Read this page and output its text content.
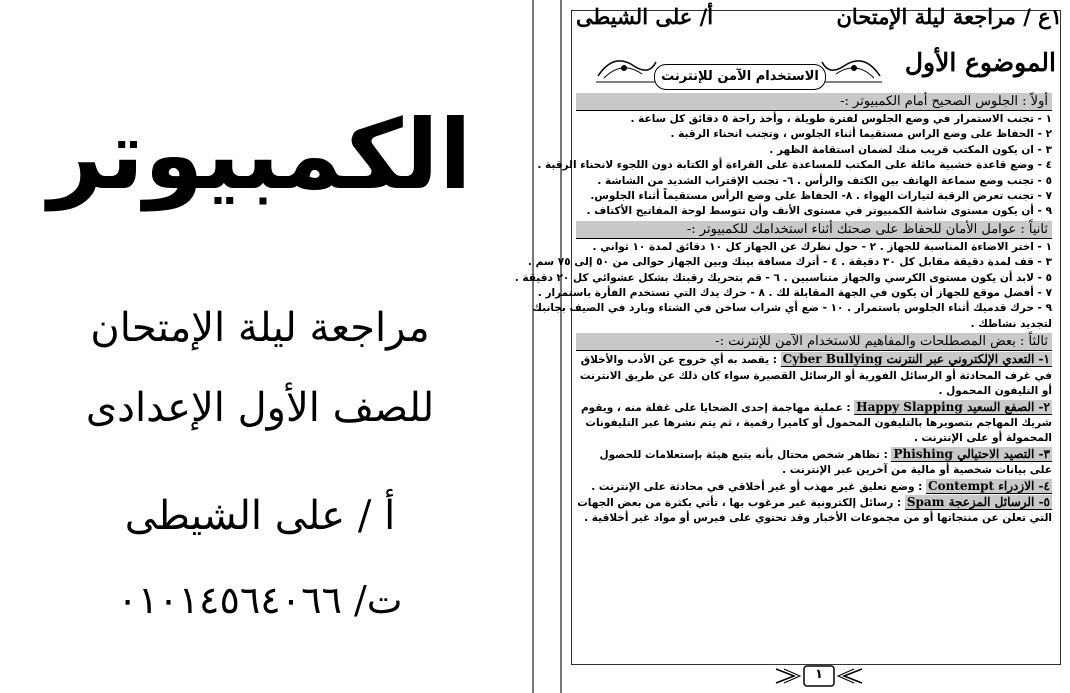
الكمبيوتر
مراجعة ليلة الإمتحان
للصف الأول الإعدادى
أ / على الشيطى
ت/ ٠١٠١٤٥٦٤٠٦٦
أ/ على الشيطى	١ع / مراجعة ليلة الإمتحان
الاستخدام الآمن للإنترنت	الموضوع الأول
أولاً : الجلوس الصحيح أمام الكمبيوتر :-
١ - تجنب الاستمرار في وضع الجلوس لفترة طويلة ، وأخذ راحة ٥ دقائق كل ساعة .
٢ - الحفاظ على وضع الراس مستقيما أثناء الجلوس ، وتجنب انحناء الرقبة .
٣ - ان يكون المكتب قريب منك لضمان استقامة الظهر .
٤ - وضع قاعدة خشبية مائلة على المكتب للمساعدة على القراءة أو الكتابة دون اللجوء لانحناء الرقبة .
٥ - تجنب وضع سماعة الهاتف بين الكتف والرأس . ٦- تجنب الإقتراب الشديد من الشاشة .
٧ - تجنب تعرض الرقبة لتيارات الهواء . ٨- الحفاظ على وضع الرأس مستقيماً أثناء الجلوس.
٩ - أن يكون مستوى شاشة الكمبيوتر في مستوى الأنف وأن تتوسط لوحة المفاتيح الأكتاف .
ثانياً : عوامل الأمان للحفاظ على صحتك أثناء استخدامك للكمبيوتر :-
١ - اختر الاضاءة المناسبة للجهاز . ٢ - حول نظرك عن الجهاز كل ١٠ دقائق لمدة ١٠ ثواني .
٣ - قف لمدة دقيقة مقابل كل ٣٠ دقيقة . ٤ - أترك مسافة بينك وبين الجهاز حوالى من ٥٠ إلى ٧٥ سم .
٥ - لابد أن يكون مستوى الكرسي والجهاز متناسبين . ٦ - قم بتحريك رقبتك بشكل عشوائي كل ٢٠ دقيقة .
٧ - أفضل موقع للجهاز أن يكون في الجهة المقابلة لك . ٨ - حرك يدك التي تستخدم الفأرة باستمرار .
٩ - حرك قدميك أثناء الجلوس باستمرار . ١٠ - ضع أي شراب ساخن في الشتاء وبارد في الصيف بجانبك
لتجديد نشاطك .
ثالثاً : بعض المصطلحات والمفاهيم للاستخدام الآمن للإنترنت :-
١- التعدي الإلكتروني عبر النترنت Cyber Bullying : يقصد به أي خروج عن الأدب والأخلاق في غرف المحادثة أو الرسائل الفورية أو الرسائل القصيرة سواء كان ذلك عن طريق الانترنت أو التليفون المحمول .
٢- الصفع السعيد Happy Slapping : عملية مهاجمة إحدى الضحايا على غفلة منه ، ويقوم شريك المهاجم بتصويرها بالتليفون المحمول أو كاميرا رقمية ، ثم يتم نشرها عبر التليفونات المحمولة أو على الإنترنت .
٣- التصيد الاحتيالي Phishing : تظاهر شخص محتال بأنه يتبع هيئة بإستعلامات للحصول على بيانات شخصية أو مالية من آخرين عبر الإنترنت .
٤- الازدراء Contempt : وضع تعليق غير مهذب أو غير أخلاقي في محادثة على الإنترنت .
٥- الرسائل المزعجة Spam : رسائل إلكترونية غير مرغوب بها ، تأتي بكثرة من بعض الجهات التي تعلن عن منتجاتها أو من مجموعات الأخبار وقد تحتوي على فيرس أو مواد غير أخلاقية .
١
